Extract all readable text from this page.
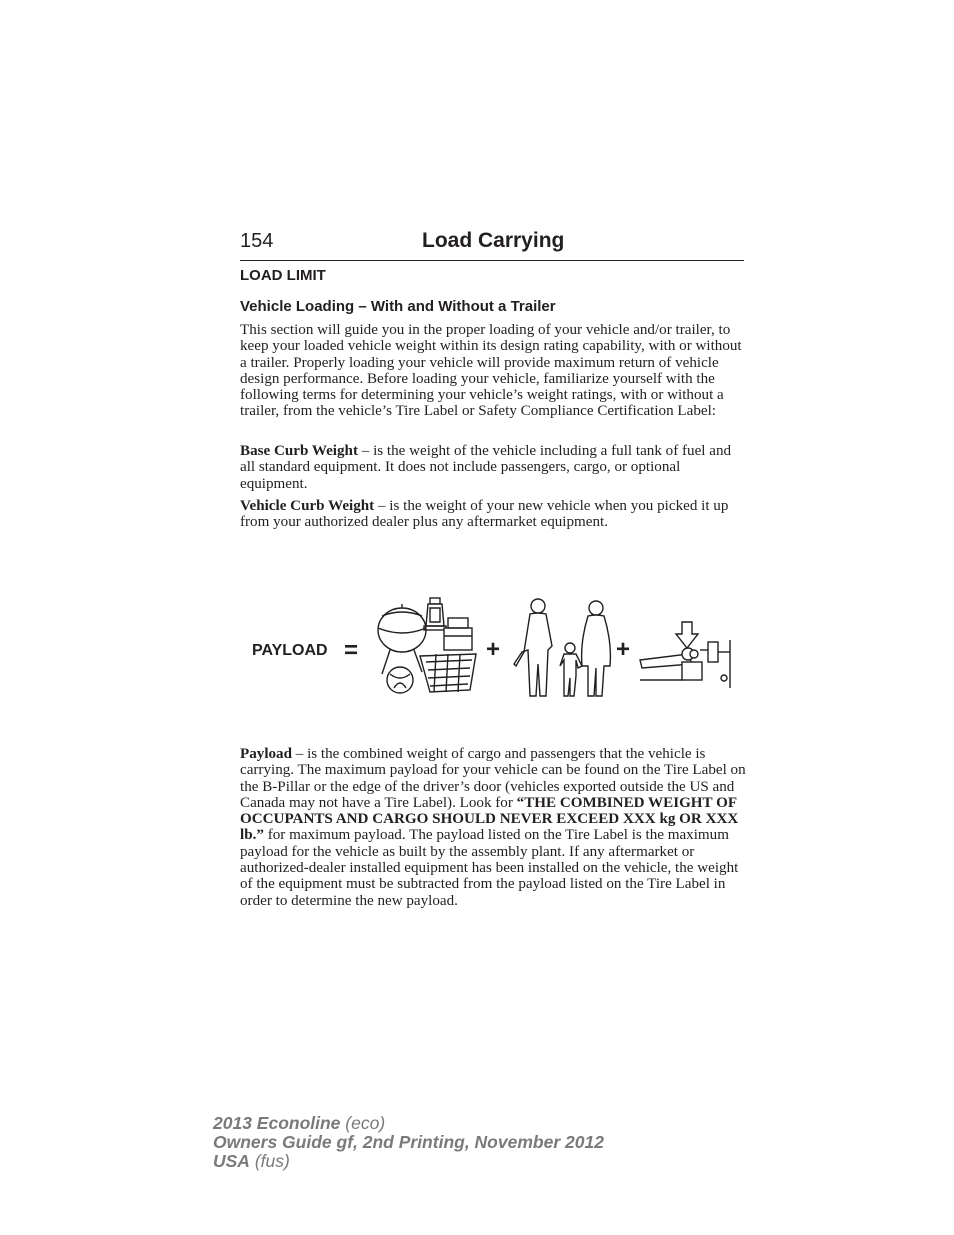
154	Load Carrying
LOAD LIMIT
Vehicle Loading – With and Without a Trailer

This section will guide you in the proper loading of your vehicle and/or trailer, to keep your loaded vehicle weight within its design rating capability, with or without a trailer. Properly loading your vehicle will provide maximum return of vehicle design performance. Before loading your vehicle, familiarize yourself with the following terms for determining your vehicle’s weight ratings, with or without a trailer, from the vehicle’s Tire Label or Safety Compliance Certification Label:

Base Curb Weight – is the weight of the vehicle including a full tank of fuel and all standard equipment. It does not include passengers, cargo, or optional equipment.

Vehicle Curb Weight – is the weight of your new vehicle when you picked it up from your authorized dealer plus any aftermarket equipment.

PAYLOAD =	+	+

Payload – is the combined weight of cargo and passengers that the vehicle is carrying. The maximum payload for your vehicle can be found on the Tire Label on the B-Pillar or the edge of the driver’s door (vehicles exported outside the US and Canada may not have a Tire Label). Look for “THE COMBINED WEIGHT OF OCCUPANTS AND CARGO SHOULD NEVER EXCEED XXX kg OR XXX lb.” for maximum payload. The payload listed on the Tire Label is the maximum payload for the vehicle as built by the assembly plant. If any aftermarket or authorized-dealer installed equipment has been installed on the vehicle, the weight of the equipment must be subtracted from the payload listed on the Tire Label in order to determine the new payload.

2013 Econoline (eco)
Owners Guide gf, 2nd Printing, November 2012
USA (fus)
